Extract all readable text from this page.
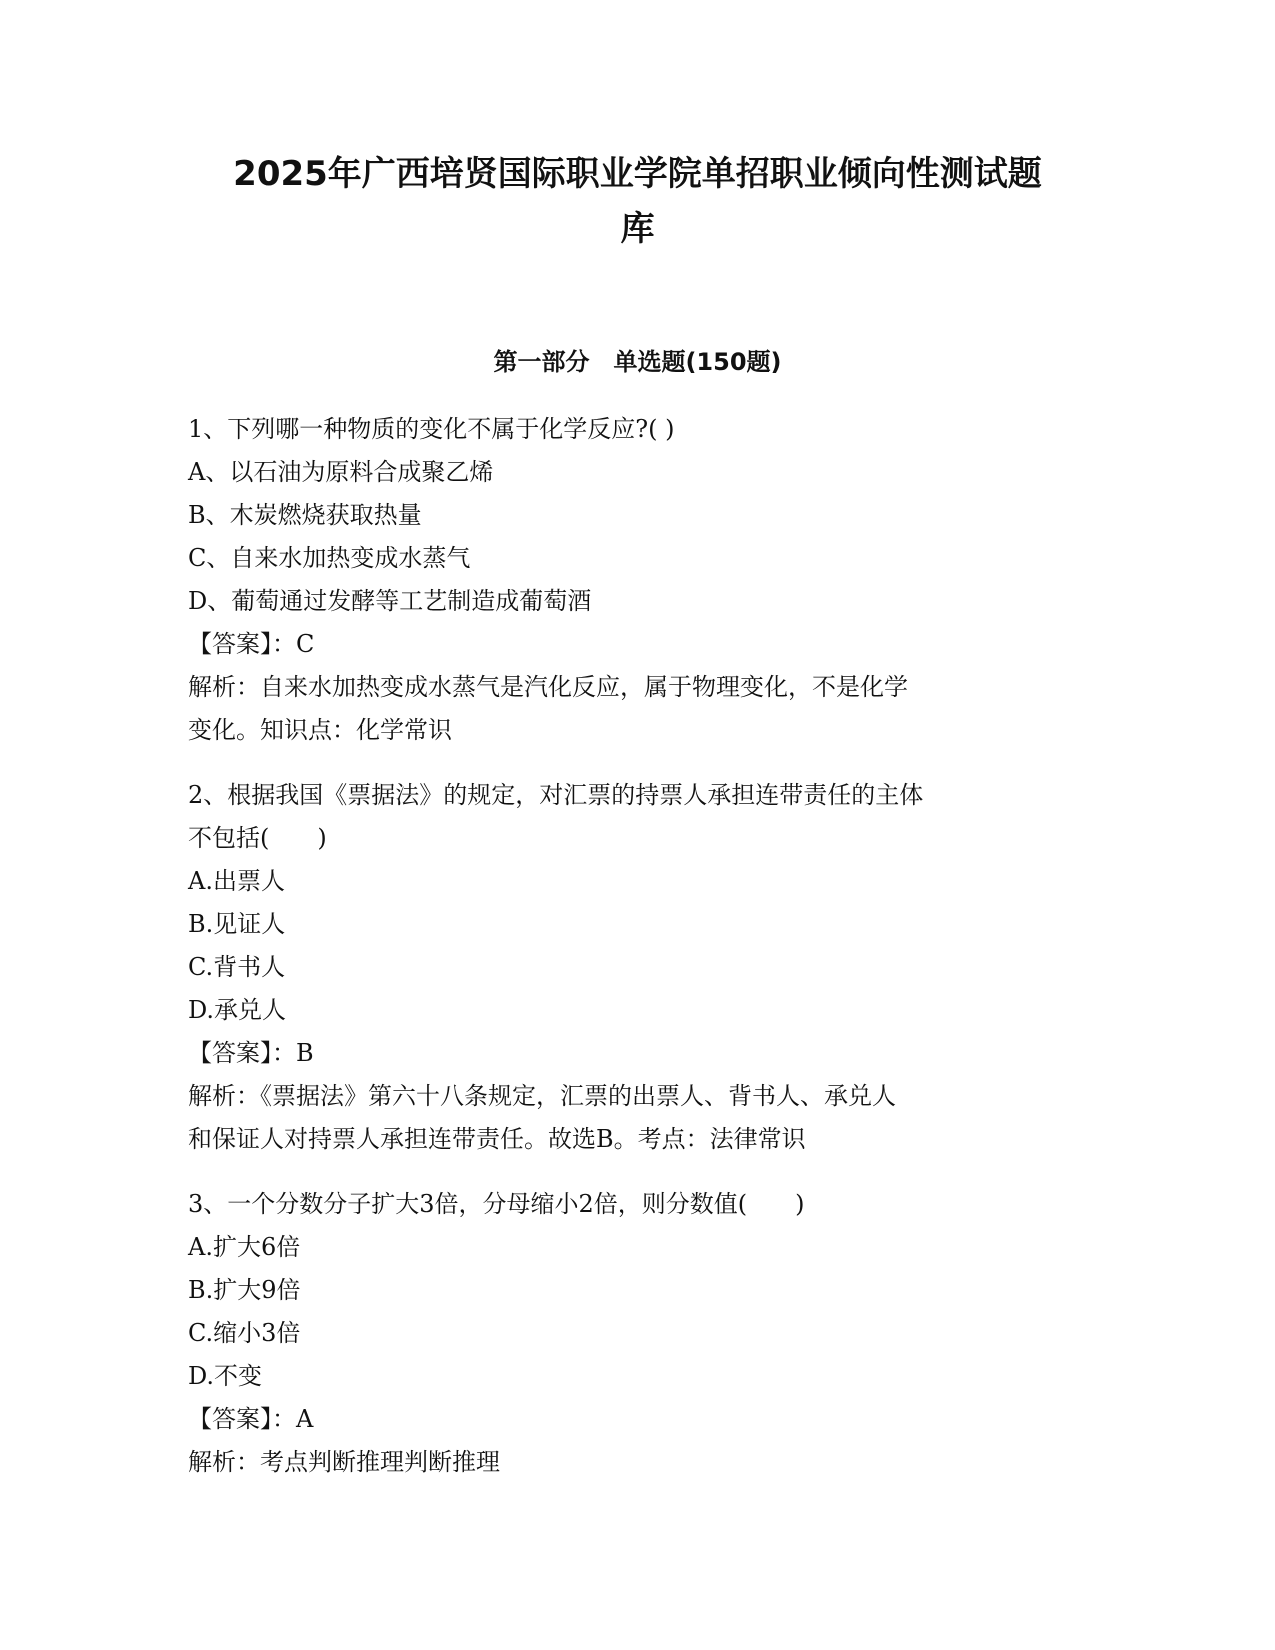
2025年广西培贤国际职业学院单招职业倾向性测试题
库
第一部分　单选题(150题)
1、下列哪一种物质的变化不属于化学反应?( )
A、以石油为原料合成聚乙烯
B、木炭燃烧获取热量
C、自来水加热变成水蒸气
D、葡萄通过发酵等工艺制造成葡萄酒
【答案】：C
解析：自来水加热变成水蒸气是汽化反应，属于物理变化，不是化学
变化。知识点：化学常识
2、根据我国《票据法》的规定，对汇票的持票人承担连带责任的主体
不包括(　　)
A.出票人
B.见证人
C.背书人
D.承兑人
【答案】：B
解析：《票据法》第六十八条规定，汇票的出票人、背书人、承兑人
和保证人对持票人承担连带责任。故选B。考点：法律常识
3、一个分数分子扩大3倍，分母缩小2倍，则分数值(　　)
A.扩大6倍
B.扩大9倍
C.缩小3倍
D.不变
【答案】：A
解析：考点判断推理判断推理
